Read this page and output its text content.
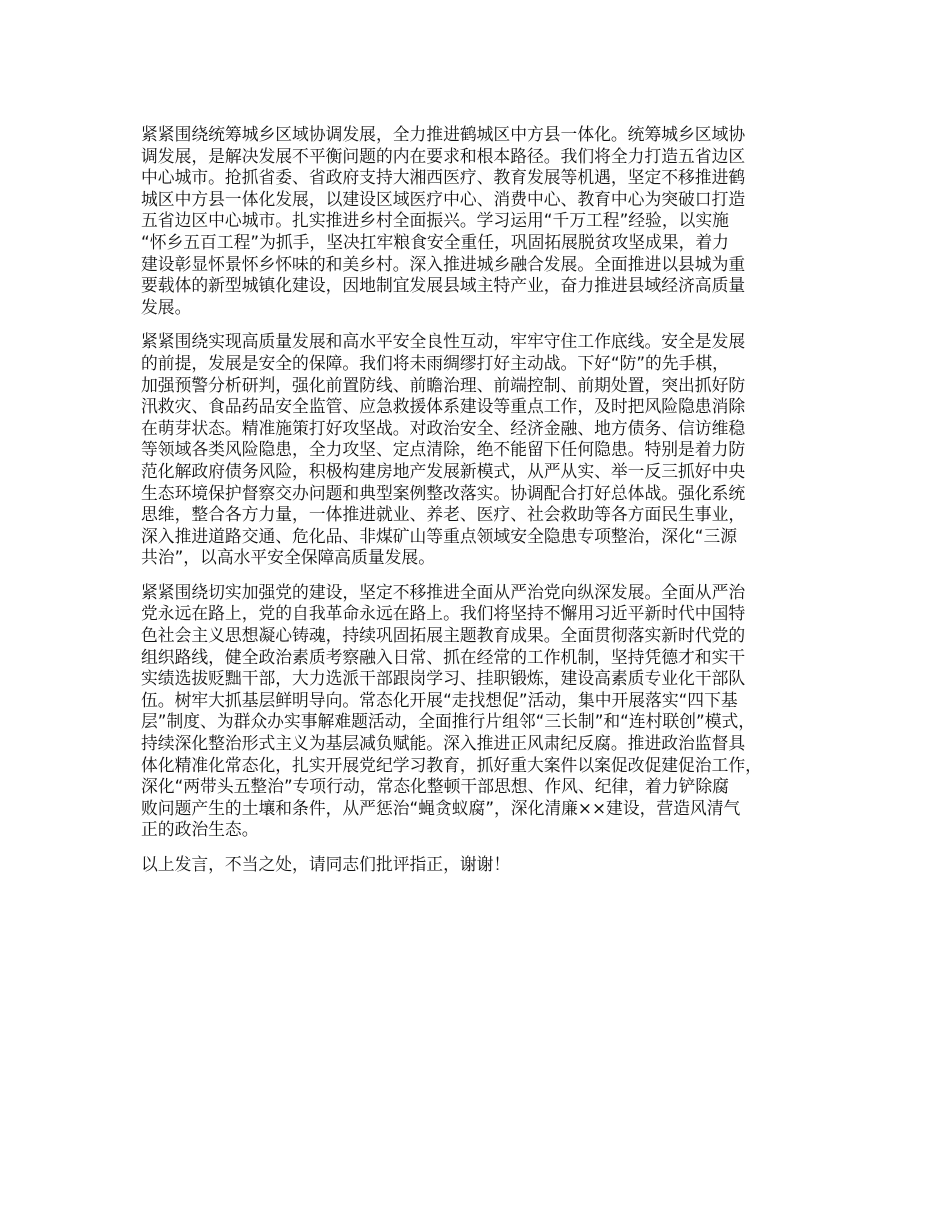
紧紧围绕统筹城乡区域协调发展，全力推进鹤城区中方县一体化。统筹城乡区域协
调发展，是解决发展不平衡问题的内在要求和根本路径。我们将全力打造五省边区
中心城市。抢抓省委、省政府支持大湘西医疗、教育发展等机遇，坚定不移推进鹤
城区中方县一体化发展，以建设区域医疗中心、消费中心、教育中心为突破口打造
五省边区中心城市。扎实推进乡村全面振兴。学习运用“千万工程”经验，以实施
“怀乡五百工程”为抓手，坚决扛牢粮食安全重任，巩固拓展脱贫攻坚成果，着力
建设彰显怀景怀乡怀味的和美乡村。深入推进城乡融合发展。全面推进以县城为重
要载体的新型城镇化建设，因地制宜发展县域主特产业，奋力推进县域经济高质量
发展。

紧紧围绕实现高质量发展和高水平安全良性互动，牢牢守住工作底线。安全是发展
的前提，发展是安全的保障。我们将未雨绸缪打好主动战。下好“防”的先手棋，
加强预警分析研判，强化前置防线、前瞻治理、前端控制、前期处置，突出抓好防
汛救灾、食品药品安全监管、应急救援体系建设等重点工作，及时把风险隐患消除
在萌芽状态。精准施策打好攻坚战。对政治安全、经济金融、地方债务、信访维稳
等领域各类风险隐患，全力攻坚、定点清除，绝不能留下任何隐患。特别是着力防
范化解政府债务风险，积极构建房地产发展新模式，从严从实、举一反三抓好中央
生态环境保护督察交办问题和典型案例整改落实。协调配合打好总体战。强化系统
思维，整合各方力量，一体推进就业、养老、医疗、社会救助等各方面民生事业，
深入推进道路交通、危化品、非煤矿山等重点领域安全隐患专项整治，深化“三源
共治”，以高水平安全保障高质量发展。

紧紧围绕切实加强党的建设，坚定不移推进全面从严治党向纵深发展。全面从严治
党永远在路上，党的自我革命永远在路上。我们将坚持不懈用习近平新时代中国特
色社会主义思想凝心铸魂，持续巩固拓展主题教育成果。全面贯彻落实新时代党的
组织路线，健全政治素质考察融入日常、抓在经常的工作机制，坚持凭德才和实干
实绩选拔贬黜干部，大力选派干部跟岗学习、挂职锻炼，建设高素质专业化干部队
伍。树牢大抓基层鲜明导向。常态化开展“走找想促”活动，集中开展落实“四下基
层”制度、为群众办实事解难题活动，全面推行片组邻“三长制”和“连村联创”模式，
持续深化整治形式主义为基层减负赋能。深入推进正风肃纪反腐。推进政治监督具
体化精准化常态化，扎实开展党纪学习教育，抓好重大案件以案促改促建促治工作，
深化“两带头五整治”专项行动，常态化整顿干部思想、作风、纪律，着力铲除腐
败问题产生的土壤和条件，从严惩治“蝇贪蚁腐”，深化清廉××建设，营造风清气
正的政治生态。

以上发言，不当之处，请同志们批评指正，谢谢！
